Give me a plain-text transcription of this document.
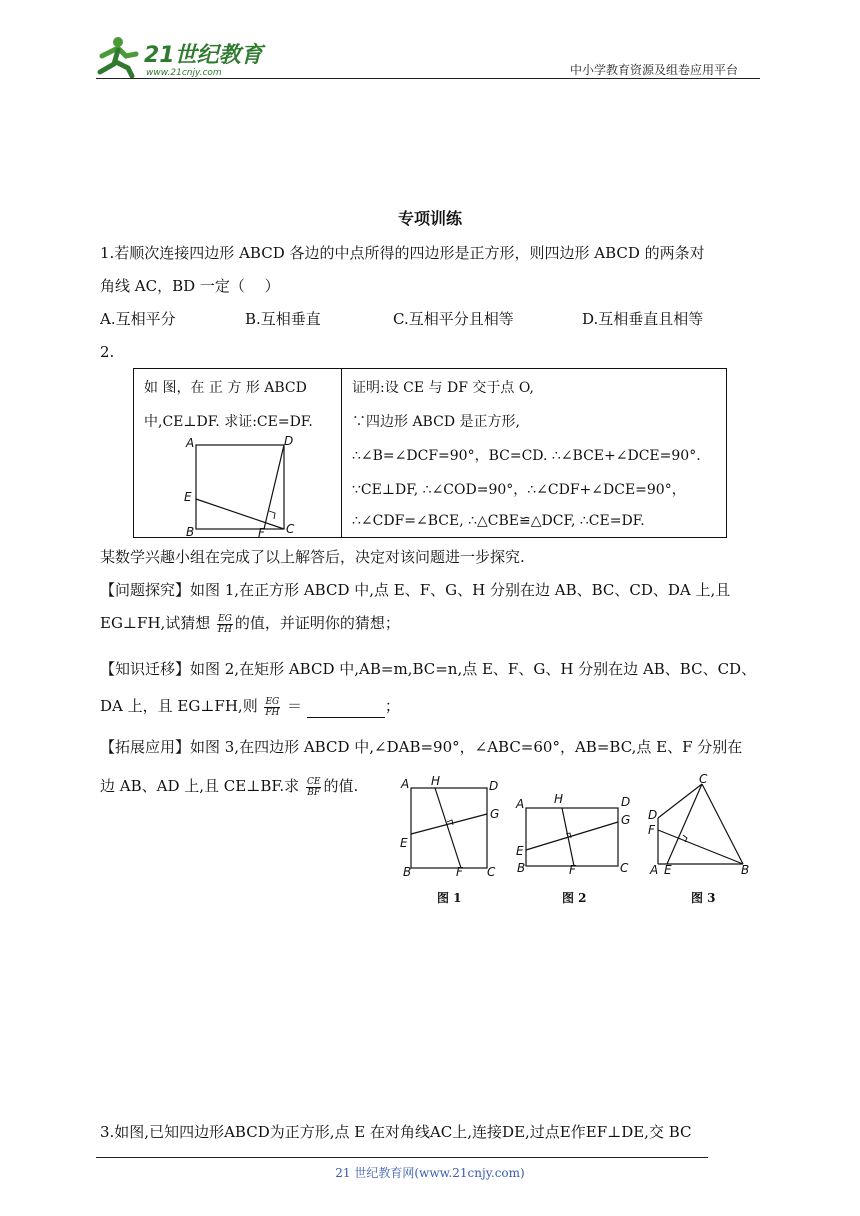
21世纪教育
www.21cnjy.com	中小学教育资源及组卷应用平台
专项训练
1.若顺次连接四边形 ABCD 各边的中点所得的四边形是正方形，则四边形 ABCD 的两条对
角线 AC，BD 一定（　 ）
A.互相平分	B.互相垂直	C.互相平分且相等	D.互相垂直且相等
2.
如 图，在 正 方 形 ABCD
中,CE⊥DF. 求证:CE=DF.
A	D
E
B	F C

证明:设 CE 与 DF 交于点 O,
∵四边形 ABCD 是正方形,
∴∠B=∠DCF=90°，BC=CD. ∴∠BCE+∠DCE=90°.
∵CE⊥DF, ∴∠COD=90°，∴∠CDF+∠DCE=90°，
∴∠CDF=∠BCE, ∴△CBE≌△DCF, ∴CE=DF.
某数学兴趣小组在完成了以上解答后，决定对该问题进一步探究.
【问题探究】如图 1,在正方形 ABCD 中,点 E、F、G、H 分别在边 AB、BC、CD、DA 上,且
EG⊥FH,试猜想 $\frac{EG}{FH}$ 的值，并证明你的猜想；
【知识迁移】如图 2,在矩形 ABCD 中,AB=m,BC=n,点 E、F、G、H 分别在边 AB、BC、CD、
DA 上，且 EG⊥FH,则 $\frac{EG}{FH}$ ＝	；
【拓展应用】如图 3,在四边形 ABCD 中,∠DAB=90°，∠ABC=60°，AB=BC,点 E、F 分别在
边 AB、AD 上,且 CE⊥BF.求 $\frac{CE}{BF}$ 的值.	A H	D
G
E
B	F C
图 1
A H	D
G
E
B	F	C
图 2
C
D
F
A E	B
图 3
3.如图,已知四边形ABCD为正方形,点 E 在对角线AC上,连接DE,过点E作EF⊥DE,交 BC
21 世纪教育网(www.21cnjy.com)
